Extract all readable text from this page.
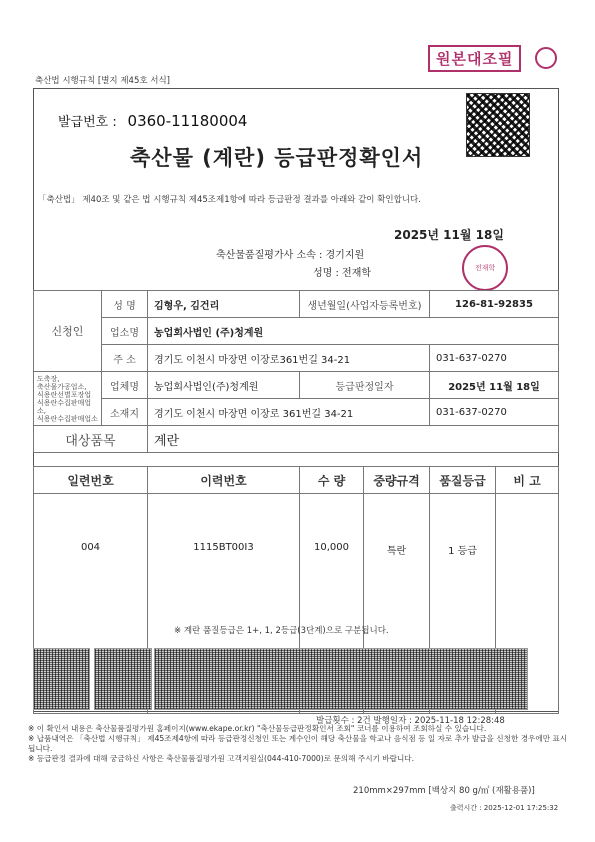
축산법 시행규칙 [별지 제45호 서식]
원본대조필
발급번호 : 0360-11180004
축산물 (계란) 등급판정확인서
「축산법」 제40조 및 같은 법 시행규칙 제45조제1항에 따라 등급판정 결과를 아래와 같이 확인합니다.
2025년 11월 18일
축산물품질평가사 소속 : 경기지원
성명 : 전재학	전재학
신청인	성 명	김형우, 김건리	생년월일(사업자등록번호)	126-81-92835
	업소명	농업회사법인 (주)청계원		
	주 소	경기도 이천시 마장면 이장로361번길 34-21		031-637-0270
도축장,
축산물가공업소,
식용란선별포장업
식용란수집판매업소,
식용란수집판매업소	업체명	농업회사법인(주)청계원	등급판정일자	2025년 11월 18일
	소재지	경기도 이천시 마장면 이장로 361번길 34-21		031-637-0270
대상품목		계란		
일련번호	이력번호	수 량	중량규격	품질등급	비 고
004	1115BT00I3	10,000	특란	1 등급	
※ 계란 품질등급은 1+, 1, 2등급(3단계)으로 구분됩니다.
발급횟수 : 2건 발행일자 : 2025-11-18 12:28:48
※ 이 확인서 내용은 축산물품질평가원 홈페이지(www.ekape.or.kr) "축산물등급판정확인서 조회" 코너를 이용하여 조회하실 수 있습니다.
※ 납품내역은 「축산법 시행규칙」 제45조제4항에 따라 등급판정신청인 또는 계수인이 해당 축산물을 학교나 음식점 등 일 자로 추가 발급을 신청한 경우에만 표시됩니다.
※ 등급판정 결과에 대해 궁금하신 사항은 축산물품질평가원 고객지원실(044-410-7000)로 문의해 주시기 바랍니다.
210mm×297mm [백상지 80 g/㎡ (재활용품)]
출력시간 : 2025-12-01 17:25:32
